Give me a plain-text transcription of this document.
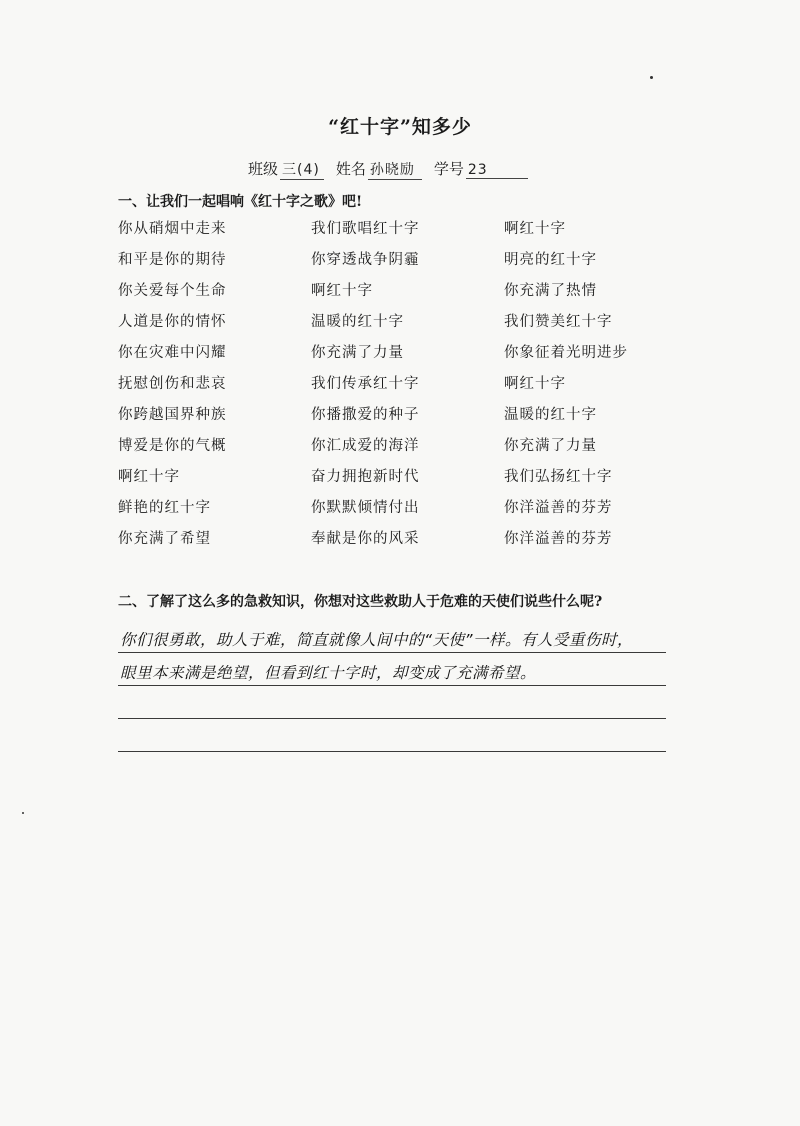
“红十字”知多少
班级 三(4) 姓名 孙晓励	学号 23
一、让我们一起唱响《红十字之歌》吧!
你从硝烟中走来	我们歌唱红十字	啊红十字
和平是你的期待	你穿透战争阴霾	明亮的红十字
你关爱每个生命	啊红十字	你充满了热情
人道是你的情怀	温暖的红十字	我们赞美红十字
你在灾难中闪耀	你充满了力量	你象征着光明进步
抚慰创伤和悲哀	我们传承红十字	啊红十字
你跨越国界种族	你播撒爱的种子	温暖的红十字
博爱是你的气概	你汇成爱的海洋	你充满了力量
啊红十字	奋力拥抱新时代	我们弘扬红十字
鲜艳的红十字	你默默倾情付出	你洋溢善的芬芳
你充满了希望	奉献是你的风采	你洋溢善的芬芳
二、了解了这么多的急救知识，你想对这些救助人于危难的天使们说些什么呢?
你们很勇敢，助人于难，简直就像人间中的“天使”一样。有人受重伤时，
眼里本来满是绝望，但看到红十字时，却变成了充满希望。
